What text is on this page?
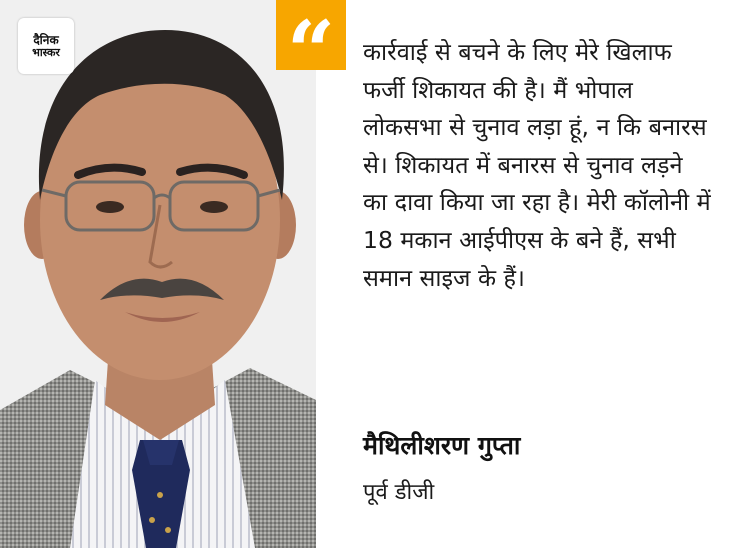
दैनिक
भास्कर	“ कार्रवाई से बचने के लिए मेरे खिलाफ फर्जी शिकायत की है। मैं भोपाल लोकसभा से चुनाव लड़ा हूं, न कि बनारस से। शिकायत में बनारस से चुनाव लड़ने का दावा किया जा रहा है। मेरी कॉलोनी में 18 मकान आईपीएस के बने हैं, सभी समान साइज के हैं।
मैथिलीशरण गुप्ता
पूर्व डीजी
